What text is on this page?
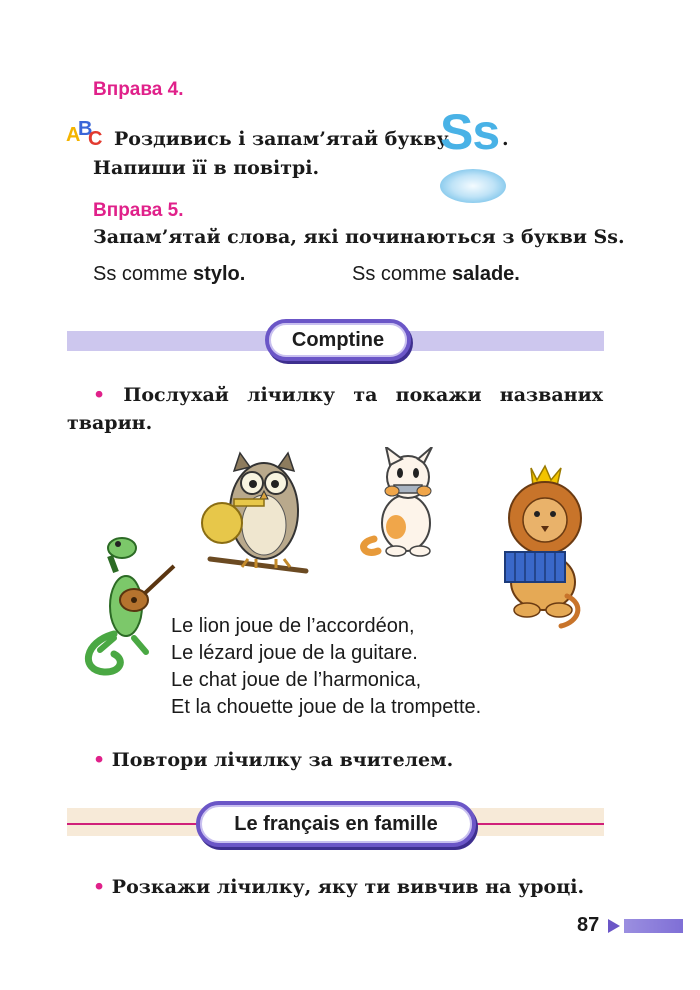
Вправа 4.
A
B
C Роздивись і запам’ятай букву
Ss .
Напиши її в повітрі.
Вправа 5.
Запам’ятай слова, які починаються з букви Ss.
Ss comme stylo.	Ss comme salade.
Comptine
• Послухай лічилку та покажи названих
тварин.
Le lion joue de l’accordéon,
Le lézard joue de la guitare.
Le chat joue de l’harmonica,
Et la chouette joue de la trompette.
• Повтори лічилку за вчителем.
Le français en famille
• Розкажи лічилку, яку ти вивчив на уроці.
87
